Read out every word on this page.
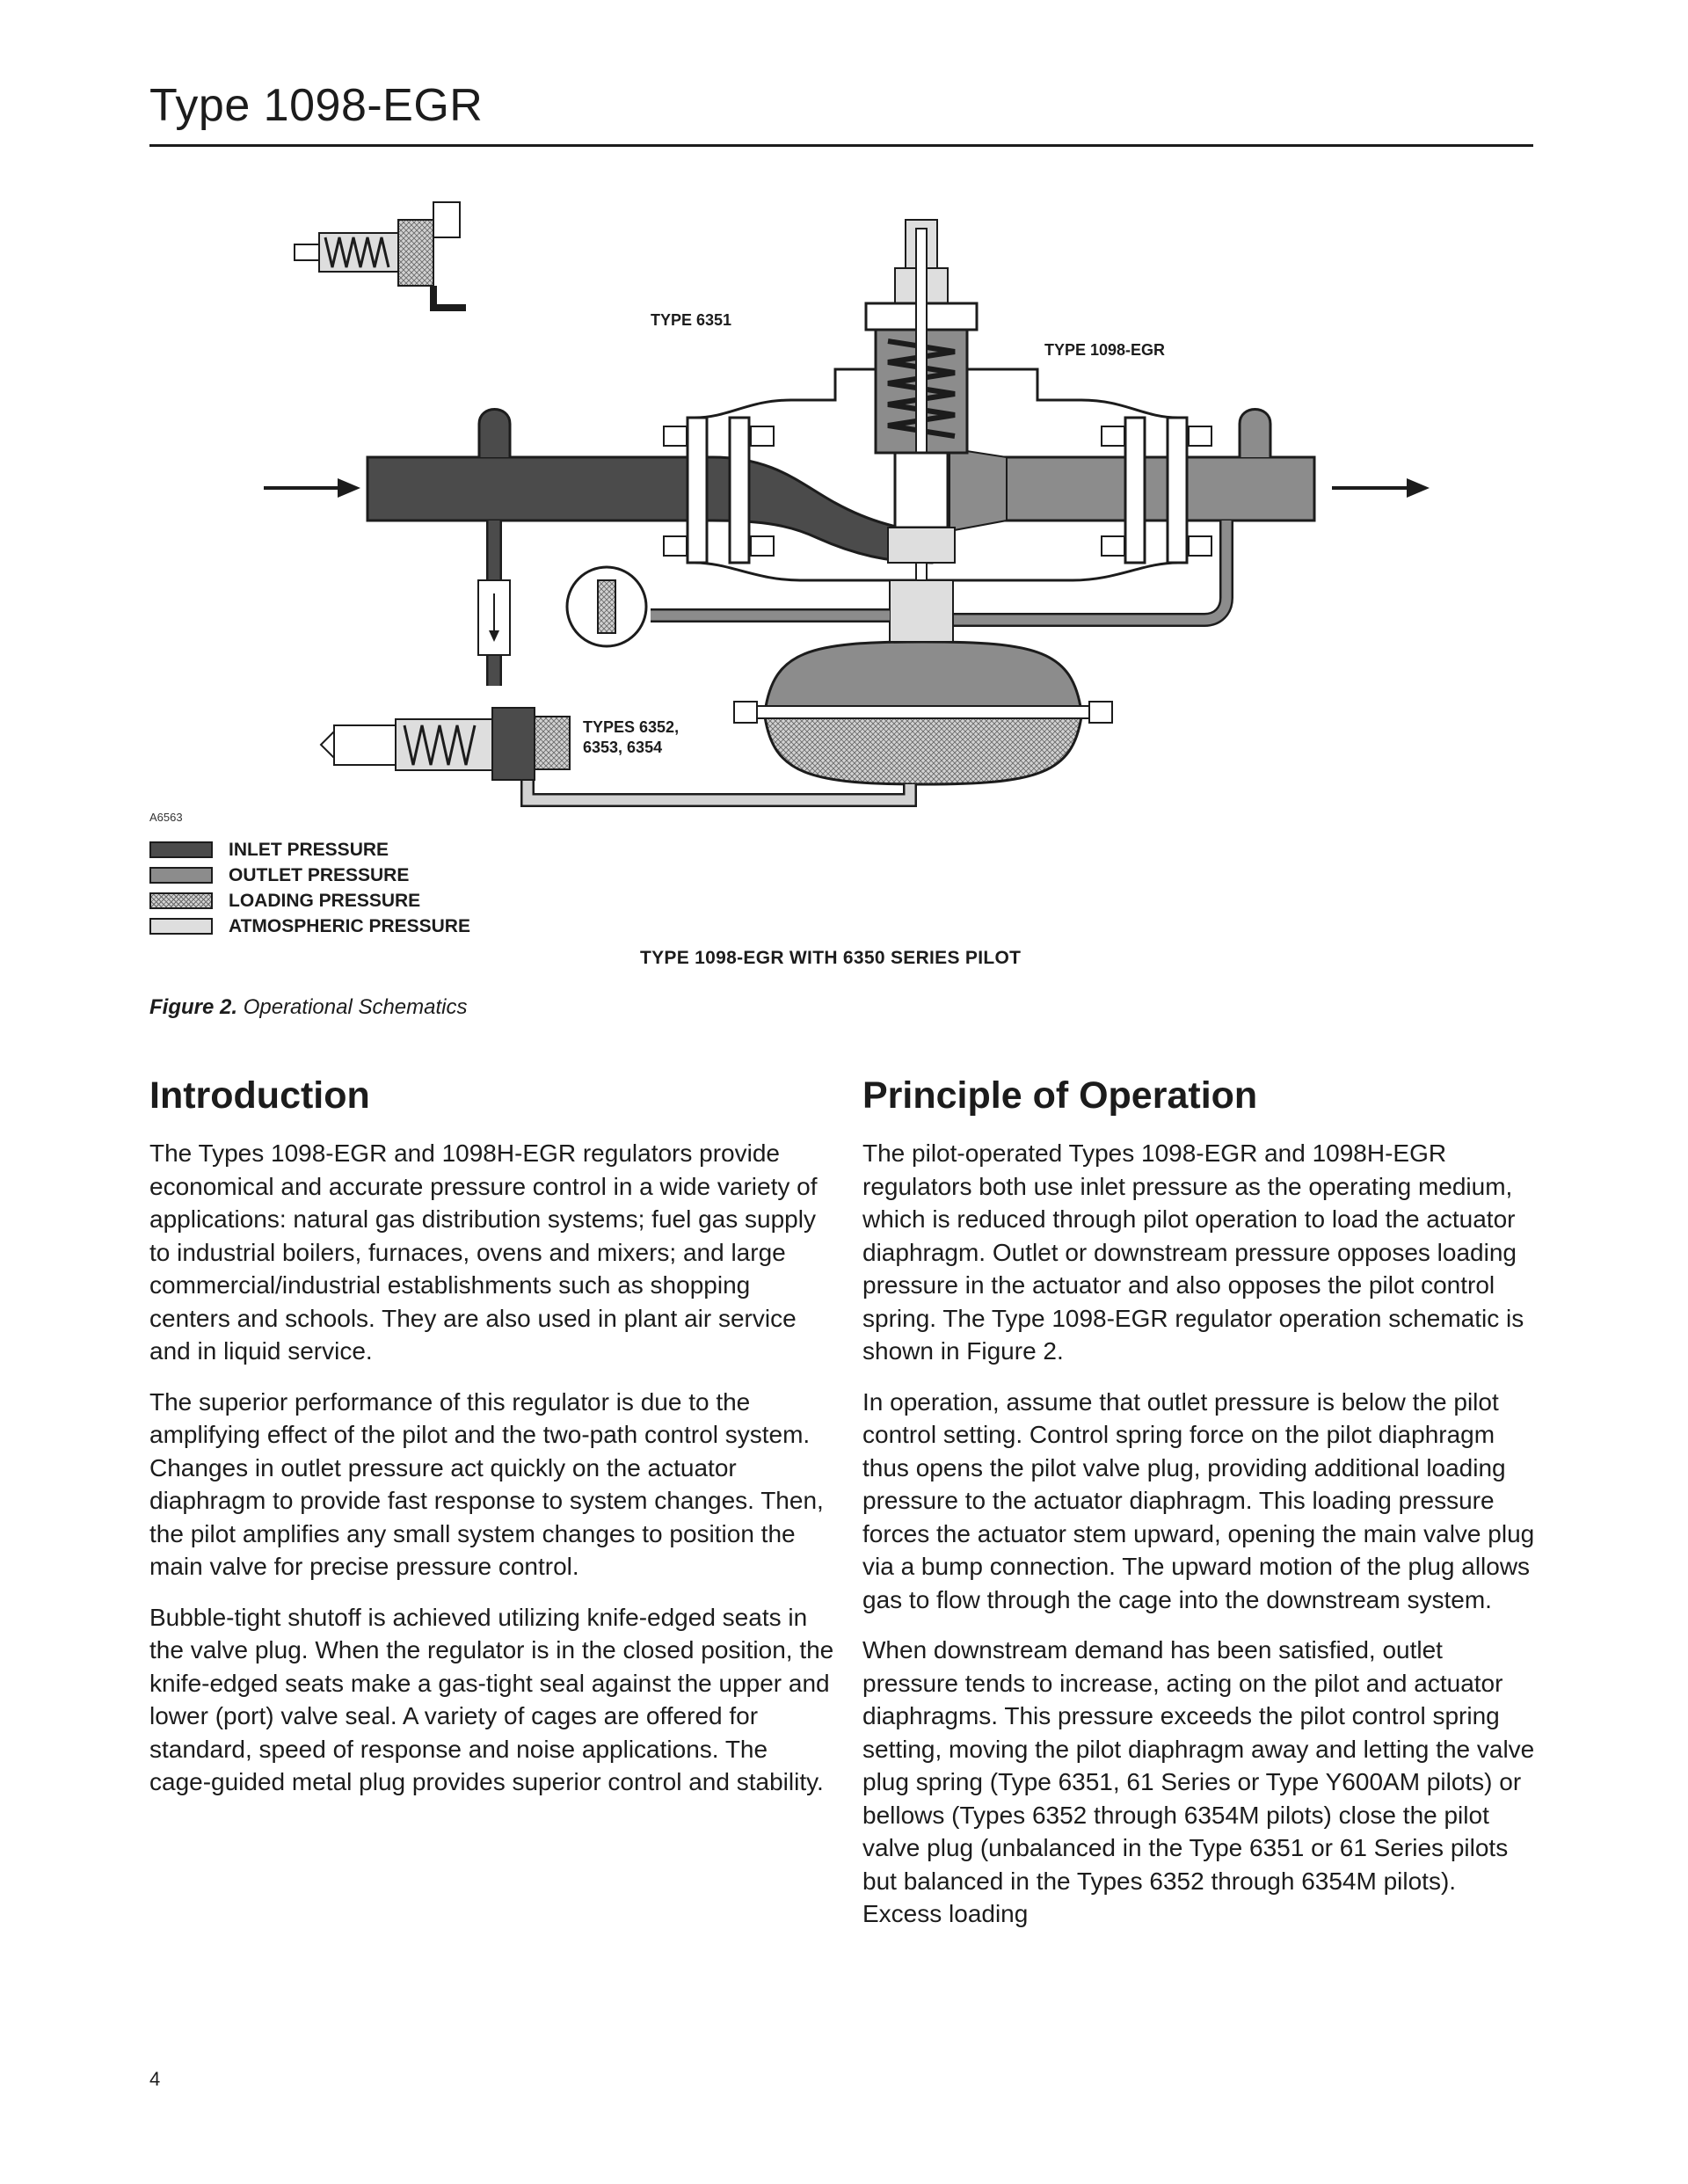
Type 1098-EGR
TYPE 6351
TYPE 1098-EGR
TYPES 6352,
6353, 6354
A6563
INLET PRESSURE
OUTLET PRESSURE
LOADING PRESSURE
ATMOSPHERIC PRESSURE
TYPE 1098-EGR WITH 6350 SERIES PILOT
Figure 2. Operational Schematics
Introduction

The Types 1098-EGR and 1098H-EGR regulators provide economical and accurate pressure control in a wide variety of applications: natural gas distribution systems; fuel gas supply to industrial boilers, furnaces, ovens and mixers; and large commercial/industrial establishments such as shopping centers and schools. They are also used in plant air service and in liquid service.

The superior performance of this regulator is due to the amplifying effect of the pilot and the two-path control system. Changes in outlet pressure act quickly on the actuator diaphragm to provide fast response to system changes. Then, the pilot amplifies any small system changes to position the main valve for precise pressure control.

Bubble-tight shutoff is achieved utilizing knife-edged seats in the valve plug. When the regulator is in the closed position, the knife-edged seats make a gas-tight seal against the upper and lower (port) valve seal. A variety of cages are offered for standard, speed of response and noise applications. The cage-guided metal plug provides superior control and stability.

Principle of Operation

The pilot-operated Types 1098-EGR and 1098H-EGR regulators both use inlet pressure as the operating medium, which is reduced through pilot operation to load the actuator diaphragm. Outlet or downstream pressure opposes loading pressure in the actuator and also opposes the pilot control spring. The Type 1098-EGR regulator operation schematic is shown in Figure 2.

In operation, assume that outlet pressure is below the pilot control setting. Control spring force on the pilot diaphragm thus opens the pilot valve plug, providing additional loading pressure to the actuator diaphragm. This loading pressure forces the actuator stem upward, opening the main valve plug via a bump connection. The upward motion of the plug allows gas to flow through the cage into the downstream system.

When downstream demand has been satisfied, outlet pressure tends to increase, acting on the pilot and actuator diaphragms. This pressure exceeds the pilot control spring setting, moving the pilot diaphragm away and letting the valve plug spring (Type 6351, 61 Series or Type Y600AM pilots) or bellows (Types 6352 through 6354M pilots) close the pilot valve plug (unbalanced in the Type 6351 or 61 Series pilots but balanced in the Types 6352 through 6354M pilots). Excess loading

4
